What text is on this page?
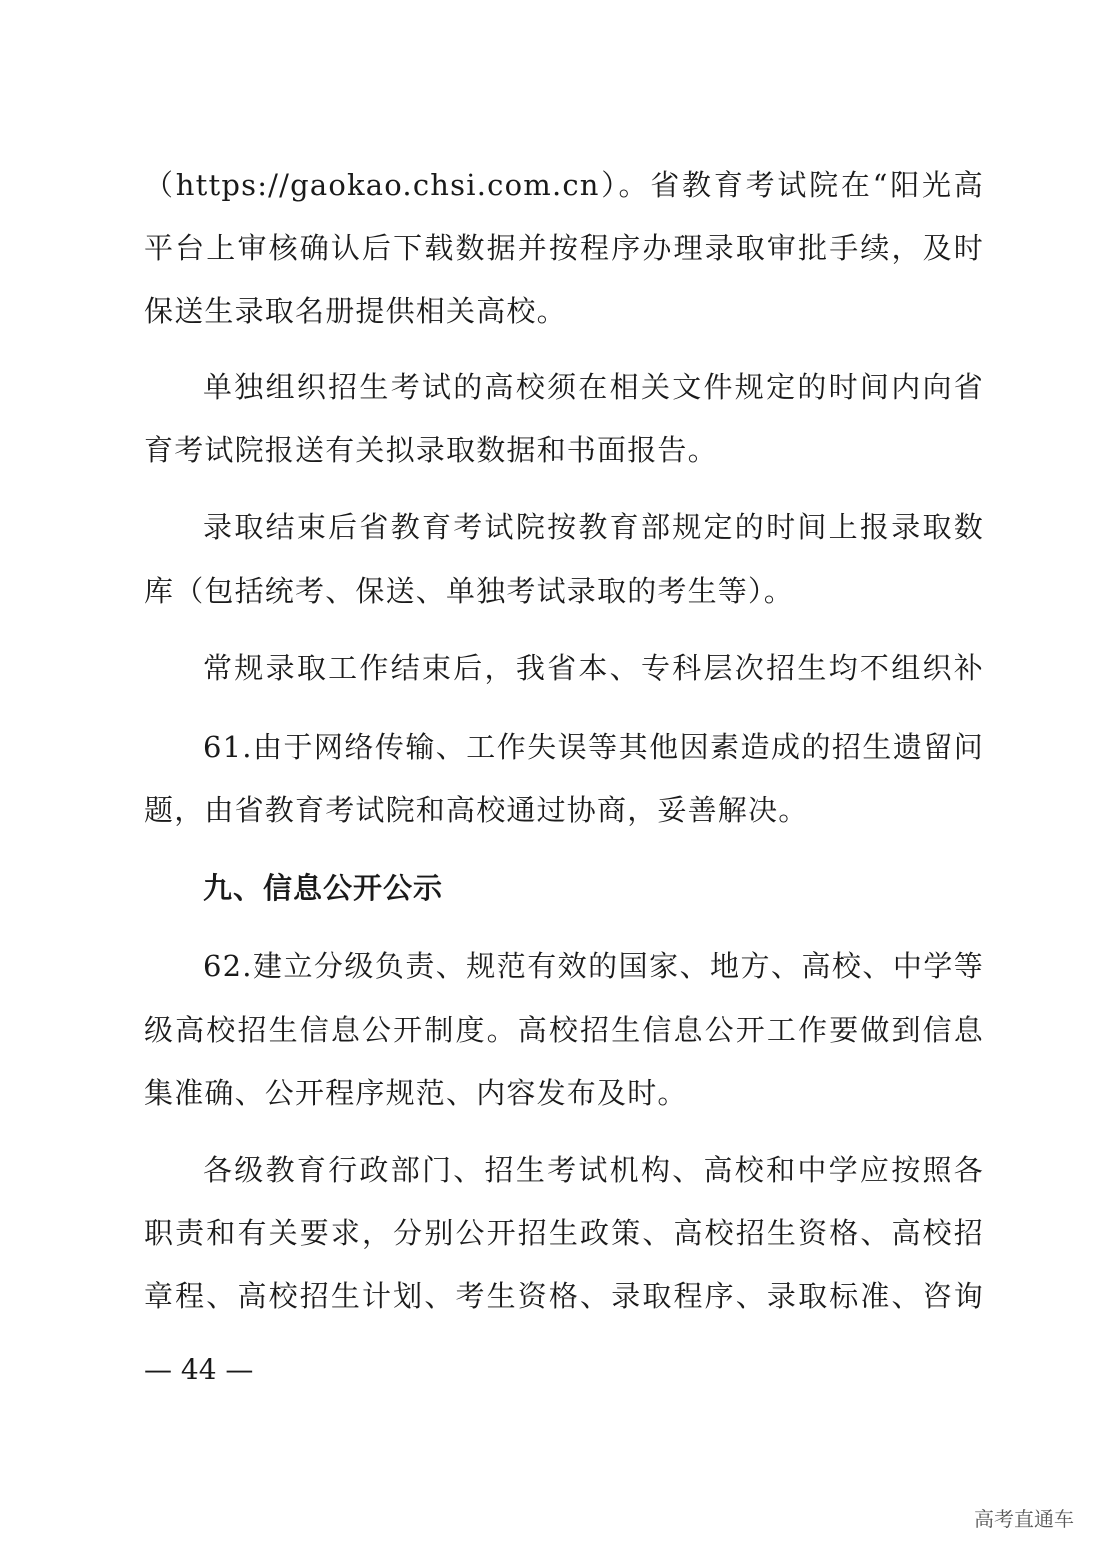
（https://gaokao.chsi.com.cn）。省教育考试院在“阳光高
平台上审核确认后下载数据并按程序办理录取审批手续，及时
保送生录取名册提供相关高校。
单独组织招生考试的高校须在相关文件规定的时间内向省
育考试院报送有关拟录取数据和书面报告。
录取结束后省教育考试院按教育部规定的时间上报录取数
库（包括统考、保送、单独考试录取的考生等）。
常规录取工作结束后，我省本、专科层次招生均不组织补
61.由于网络传输、工作失误等其他因素造成的招生遗留问
题，由省教育考试院和高校通过协商，妥善解决。
九、信息公开公示
62.建立分级负责、规范有效的国家、地方、高校、中学等
级高校招生信息公开制度。高校招生信息公开工作要做到信息
集准确、公开程序规范、内容发布及时。
各级教育行政部门、招生考试机构、高校和中学应按照各
职责和有关要求，分别公开招生政策、高校招生资格、高校招
章程、高校招生计划、考生资格、录取程序、录取标准、咨询
— 44 —
高考直通车
